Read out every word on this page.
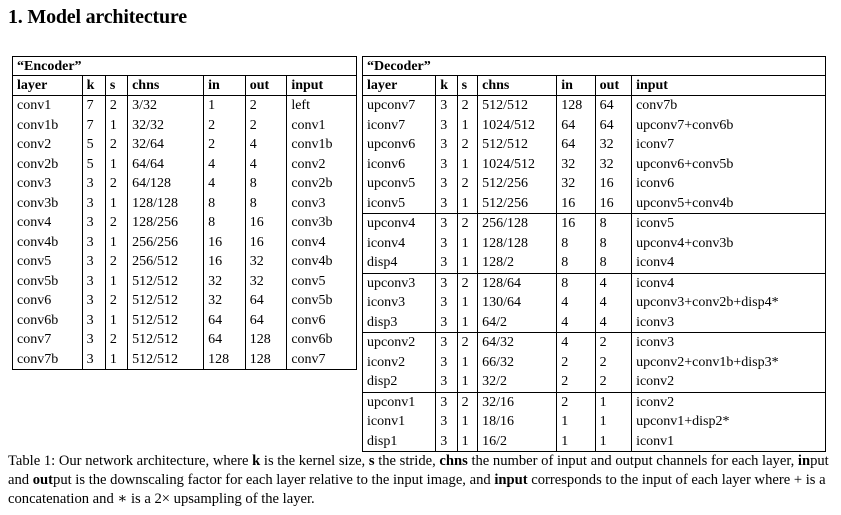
1. Model architecture
“Encoder”						
layer	k	s	chns	in	out	input
conv1	7	2	3/32	1	2	left
conv1b	7	1	32/32	2	2	conv1
conv2	5	2	32/64	2	4	conv1b
conv2b	5	1	64/64	4	4	conv2
conv3	3	2	64/128	4	8	conv2b
conv3b	3	1	128/128	8	8	conv3
conv4	3	2	128/256	8	16	conv3b
conv4b	3	1	256/256	16	16	conv4
conv5	3	2	256/512	16	32	conv4b
conv5b	3	1	512/512	32	32	conv5
conv6	3	2	512/512	32	64	conv5b
conv6b	3	1	512/512	64	64	conv6
conv7	3	2	512/512	64	128	conv6b
conv7b	3	1	512/512	128	128	conv7
“Decoder”						
layer	k	s	chns	in	out	input
upconv7	3	2	512/512	128	64	conv7b
iconv7	3	1	1024/512	64	64	upconv7+conv6b
upconv6	3	2	512/512	64	32	iconv7
iconv6	3	1	1024/512	32	32	upconv6+conv5b
upconv5	3	2	512/256	32	16	iconv6
iconv5	3	1	512/256	16	16	upconv5+conv4b
upconv4	3	2	256/128	16	8	iconv5
iconv4	3	1	128/128	8	8	upconv4+conv3b
disp4	3	1	128/2	8	8	iconv4
upconv3	3	2	128/64	8	4	iconv4
iconv3	3	1	130/64	4	4	upconv3+conv2b+disp4*
disp3	3	1	64/2	4	4	iconv3
upconv2	3	2	64/32	4	2	iconv3
iconv2	3	1	66/32	2	2	upconv2+conv1b+disp3*
disp2	3	1	32/2	2	2	iconv2
upconv1	3	2	32/16	2	1	iconv2
iconv1	3	1	18/16	1	1	upconv1+disp2*
disp1	3	1	16/2	1	1	iconv1
Table 1: Our network architecture, where k is the kernel size, s the stride, chns the number of input and output channels for each layer, input and output is the downscaling factor for each layer relative to the input image, and input corresponds to the input of each layer where + is a concatenation and ∗ is a 2× upsampling of the layer.
